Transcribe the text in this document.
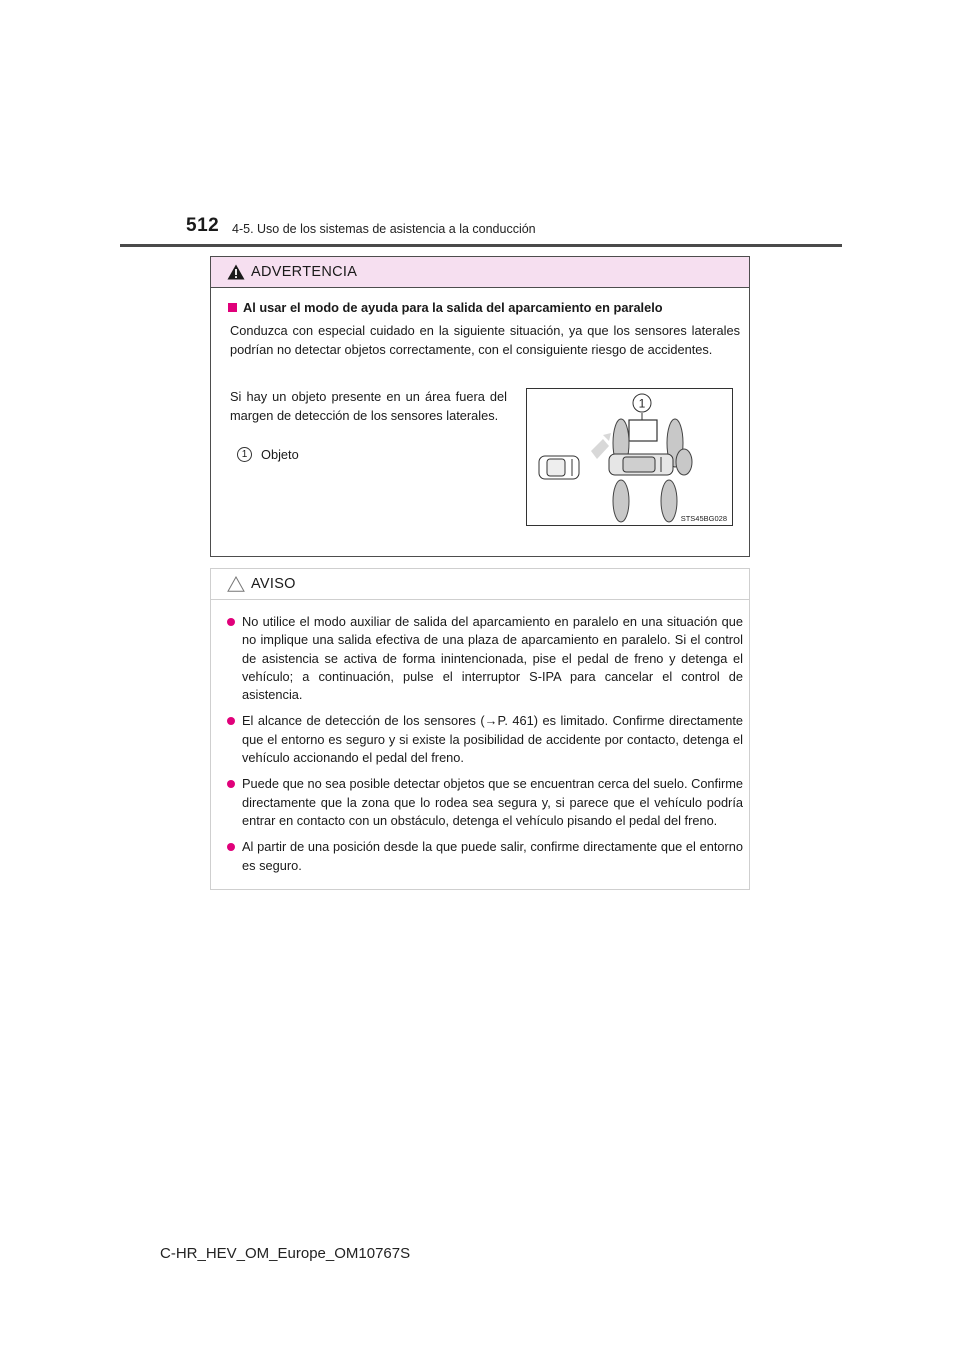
512 4-5. Uso de los sistemas de asistencia a la conducción
ADVERTENCIA
Al usar el modo de ayuda para la salida del aparcamiento en paralelo
Conduzca con especial cuidado en la siguiente situación, ya que los sensores laterales podrían no detectar objetos correctamente, con el consiguiente riesgo de accidentes.
Si hay un objeto presente en un área fuera del margen de detección de los sensores laterales.
1	Objeto
1
STS45BG028
AVISO
No utilice el modo auxiliar de salida del aparcamiento en paralelo en una situación que no implique una salida efectiva de una plaza de aparcamiento en paralelo. Si el control de asistencia se activa de forma inintencionada, pise el pedal de freno y detenga el vehículo; a continuación, pulse el interruptor S-IPA para cancelar el control de asistencia.
El alcance de detección de los sensores (→P. 461) es limitado. Confirme directamente que el entorno es seguro y si existe la posibilidad de accidente por contacto, detenga el vehículo accionando el pedal del freno.
Puede que no sea posible detectar objetos que se encuentran cerca del suelo. Confirme directamente que la zona que lo rodea sea segura y, si parece que el vehículo podría entrar en contacto con un obstáculo, detenga el vehículo pisando el pedal del freno.
Al partir de una posición desde la que puede salir, confirme directamente que el entorno es seguro.
C-HR_HEV_OM_Europe_OM10767S
